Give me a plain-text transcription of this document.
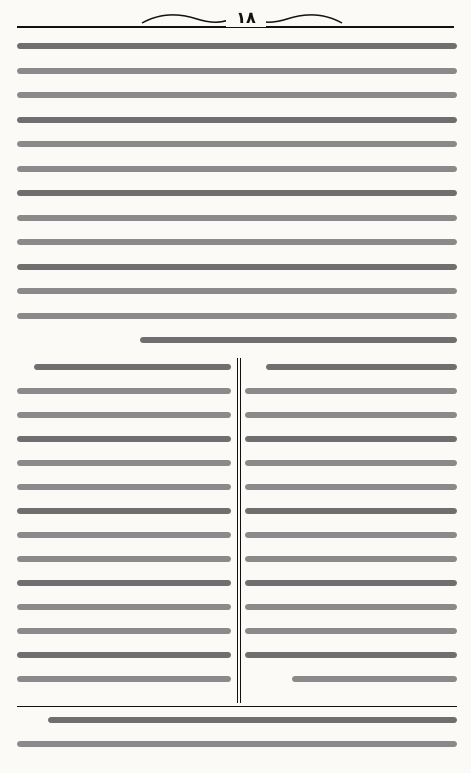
۱۸
